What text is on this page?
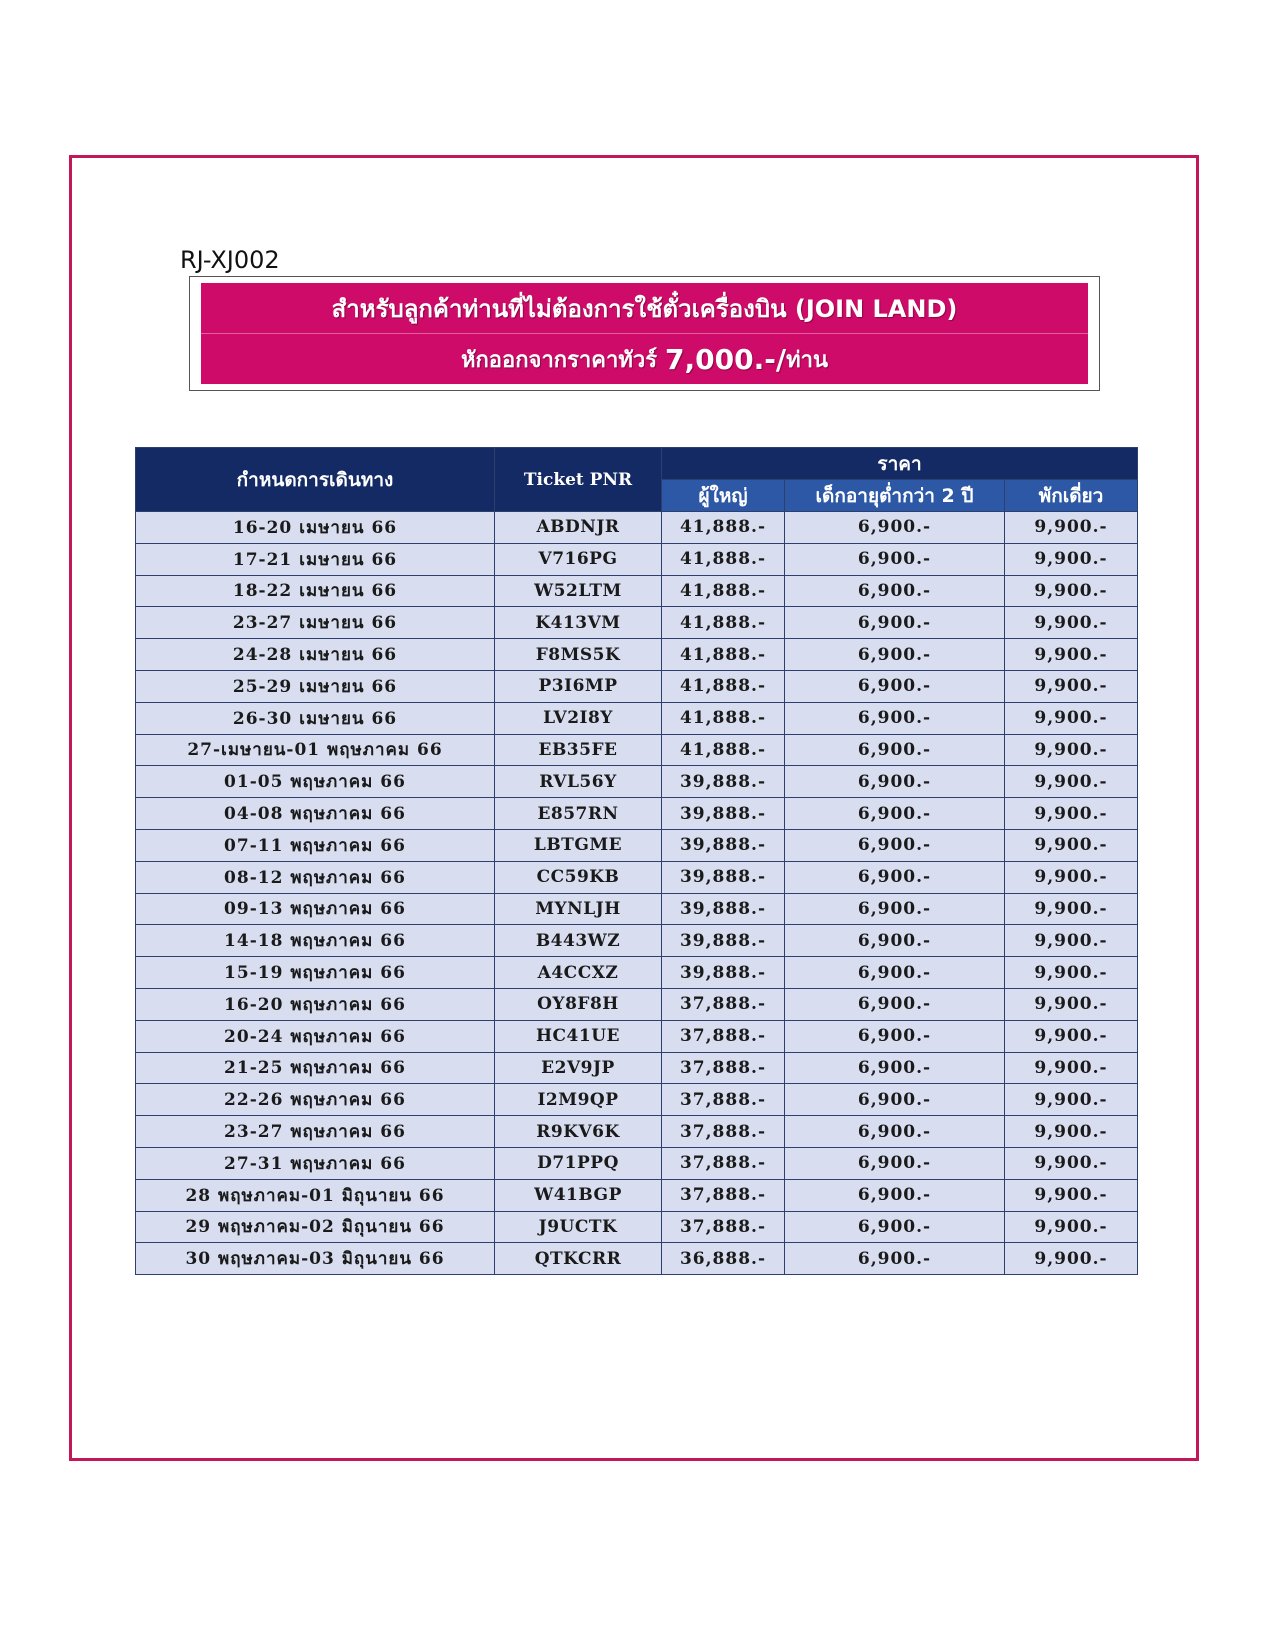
RJ-XJ002
สำหรับลูกค้าท่านที่ไม่ต้องการใช้ตั๋วเครื่องบิน (JOIN LAND)
หักออกจากราคาทัวร์ 7,000.-/ ท่าน
กำหนดการเดินทาง	Ticket PNR	ราคา		
		ผู้ใหญ่	เด็กอายุต่ำกว่า 2 ปี	พักเดี่ยว
16-20 เมษายน 66	ABDNJR	41,888.-	6,900.-	9,900.-
17-21 เมษายน 66	V716PG	41,888.-	6,900.-	9,900.-
18-22 เมษายน 66	W52LTM	41,888.-	6,900.-	9,900.-
23-27 เมษายน 66	K413VM	41,888.-	6,900.-	9,900.-
24-28 เมษายน 66	F8MS5K	41,888.-	6,900.-	9,900.-
25-29 เมษายน 66	P3I6MP	41,888.-	6,900.-	9,900.-
26-30 เมษายน 66	LV2I8Y	41,888.-	6,900.-	9,900.-
27-เมษายน-01 พฤษภาคม 66	EB35FE	41,888.-	6,900.-	9,900.-
01-05 พฤษภาคม 66	RVL56Y	39,888.-	6,900.-	9,900.-
04-08 พฤษภาคม 66	E857RN	39,888.-	6,900.-	9,900.-
07-11 พฤษภาคม 66	LBTGME	39,888.-	6,900.-	9,900.-
08-12 พฤษภาคม 66	CC59KB	39,888.-	6,900.-	9,900.-
09-13 พฤษภาคม 66	MYNLJH	39,888.-	6,900.-	9,900.-
14-18 พฤษภาคม 66	B443WZ	39,888.-	6,900.-	9,900.-
15-19 พฤษภาคม 66	A4CCXZ	39,888.-	6,900.-	9,900.-
16-20 พฤษภาคม 66	OY8F8H	37,888.-	6,900.-	9,900.-
20-24 พฤษภาคม 66	HC41UE	37,888.-	6,900.-	9,900.-
21-25 พฤษภาคม 66	E2V9JP	37,888.-	6,900.-	9,900.-
22-26 พฤษภาคม 66	I2M9QP	37,888.-	6,900.-	9,900.-
23-27 พฤษภาคม 66	R9KV6K	37,888.-	6,900.-	9,900.-
27-31 พฤษภาคม 66	D71PPQ	37,888.-	6,900.-	9,900.-
28 พฤษภาคม-01 มิถุนายน 66	W41BGP	37,888.-	6,900.-	9,900.-
29 พฤษภาคม-02 มิถุนายน 66	J9UCTK	37,888.-	6,900.-	9,900.-
30 พฤษภาคม-03 มิถุนายน 66	QTKCRR	36,888.-	6,900.-	9,900.-
